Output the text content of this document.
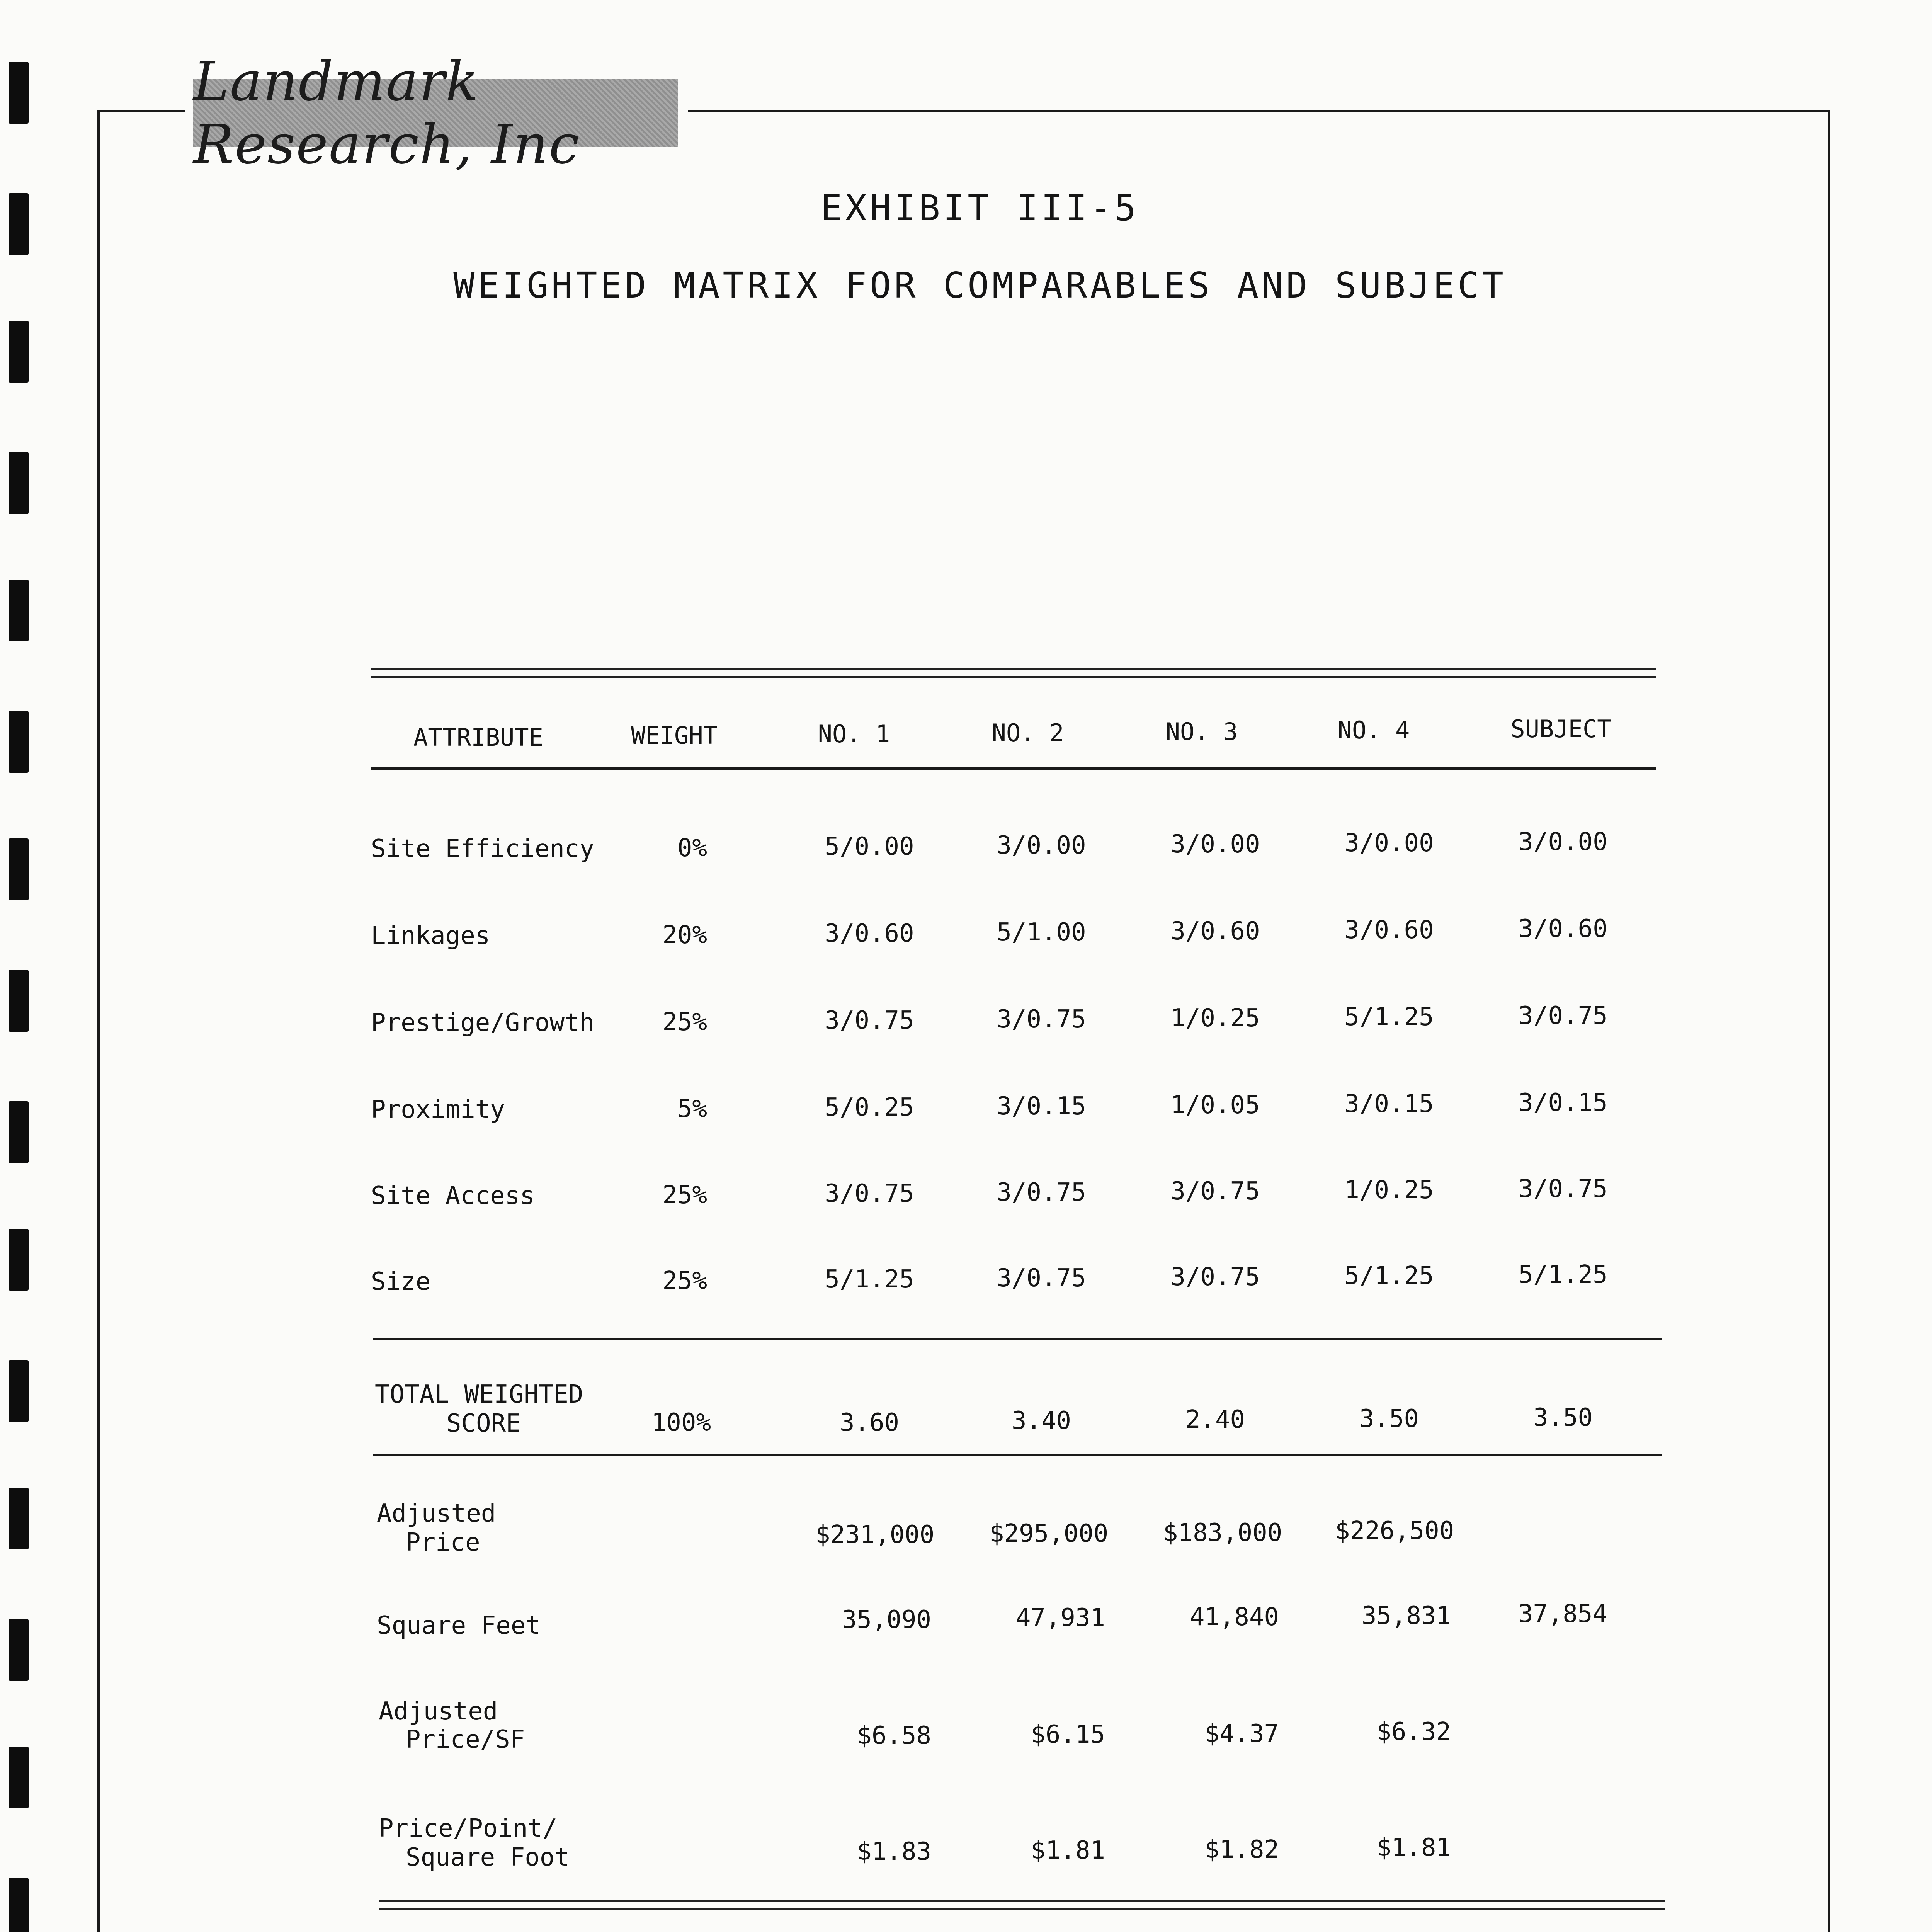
Landmark Research, Inc
EXHIBIT III-5
WEIGHTED MATRIX FOR COMPARABLES AND SUBJECT
ATTRIBUTE	WEIGHT	NO. 1	NO. 2	NO. 3	NO. 4	SUBJECT
Site Efficiency	0%	5/0.00	3/0.00	3/0.00	3/0.00	3/0.00
Linkages	20%	3/0.60	5/1.00	3/0.60	3/0.60	3/0.60
Prestige/Growth	25%	3/0.75	3/0.75	1/0.25	5/1.25	3/0.75
Proximity	5%	5/0.25	3/0.15	1/0.05	3/0.15	3/0.15
Site Access	25%	3/0.75	3/0.75	3/0.75	1/0.25	3/0.75
Size	25%	5/1.25	3/0.75	3/0.75	5/1.25	5/1.25
TOTAL WEIGHTED
SCORE	100%	3.60	3.40	2.40	3.50	3.50
Adjusted
Price	$231,000 $295,000 $183,000 $226,500
Square Feet	35,090	47,931	41,840	35,831	37,854
Adjusted
Price/SF	$6.58	$6.15	$4.37	$6.32
Price/Point/
Square Foot	$1.83	$1.81	$1.82	$1.81
